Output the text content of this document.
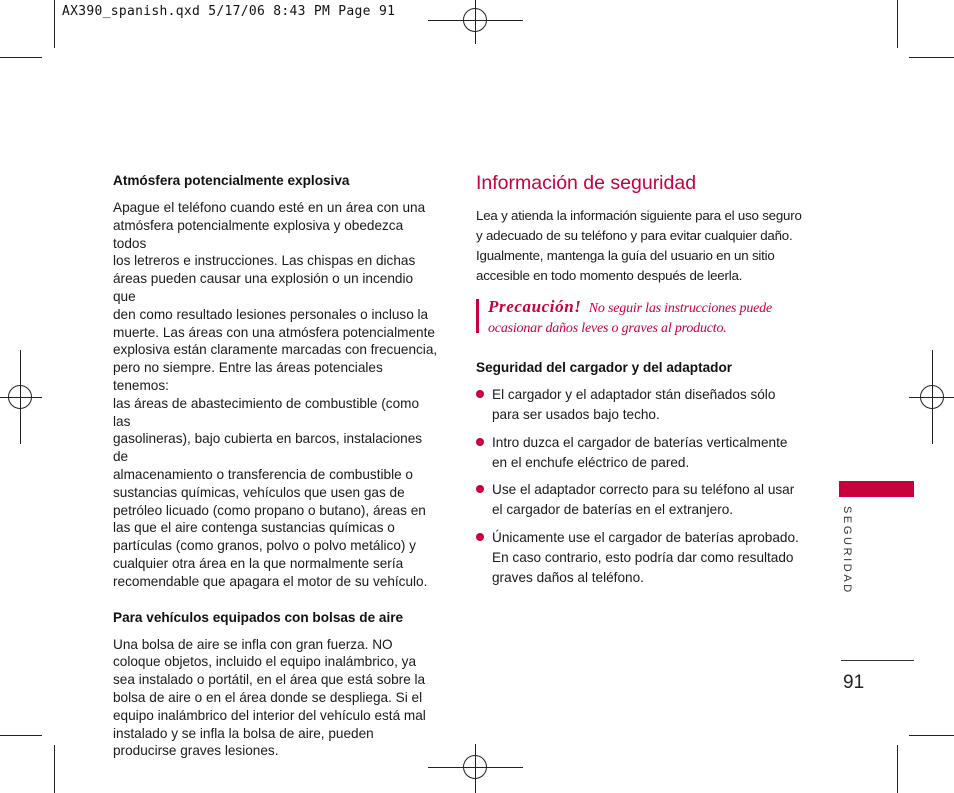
AX390_spanish.qxd 5/17/06 8:43 PM Page 91
Atmósfera potencialmente explosiva
Apague el teléfono cuando esté en un área con una
atmósfera potencialmente explosiva y obedezca todos
los letreros e instrucciones. Las chispas en dichas
áreas pueden causar una explosión o un incendio que
den como resultado lesiones personales o incluso la
muerte. Las áreas con una atmósfera potencialmente
explosiva están claramente marcadas con frecuencia,
pero no siempre. Entre las áreas potenciales tenemos:
las áreas de abastecimiento de combustible (como las
gasolineras), bajo cubierta en barcos, instalaciones de
almacenamiento o transferencia de combustible o
sustancias químicas, vehículos que usen gas de
petróleo licuado (como propano o butano), áreas en
las que el aire contenga sustancias químicas o
partículas (como granos, polvo o polvo metálico) y
cualquier otra área en la que normalmente sería
recomendable que apagara el motor de su vehículo.
Para vehículos equipados con bolsas de aire
Una bolsa de aire se infla con gran fuerza. NO
coloque objetos, incluido el equipo inalámbrico, ya
sea instalado o portátil, en el área que está sobre la
bolsa de aire o en el área donde se despliega. Si el
equipo inalámbrico del interior del vehículo está mal
instalado y se infla la bolsa de aire, pueden
producirse graves lesiones.
Información de seguridad
Lea y atienda la información siguiente para el uso seguro
y adecuado de su teléfono y para evitar cualquier daño.
Igualmente, mantenga la guía del usuario en un sitio
accesible en todo momento después de leerla.

Precaución! No seguir las instrucciones puede

ocasionar daños leves o graves al producto.

Seguridad del cargador y del adaptador
El cargador y el adaptador stán diseñados sólo
para ser usados bajo techo.
Intro duzca el cargador de baterías verticalmente
en el enchufe eléctrico de pared.
Use el adaptador correcto para su teléfono al usar
el cargador de baterías en el extranjero.
Únicamente use el cargador de baterías aprobado.
En caso contrario, esto podría dar como resultado
graves daños al teléfono.	SEGURIDAD
91
